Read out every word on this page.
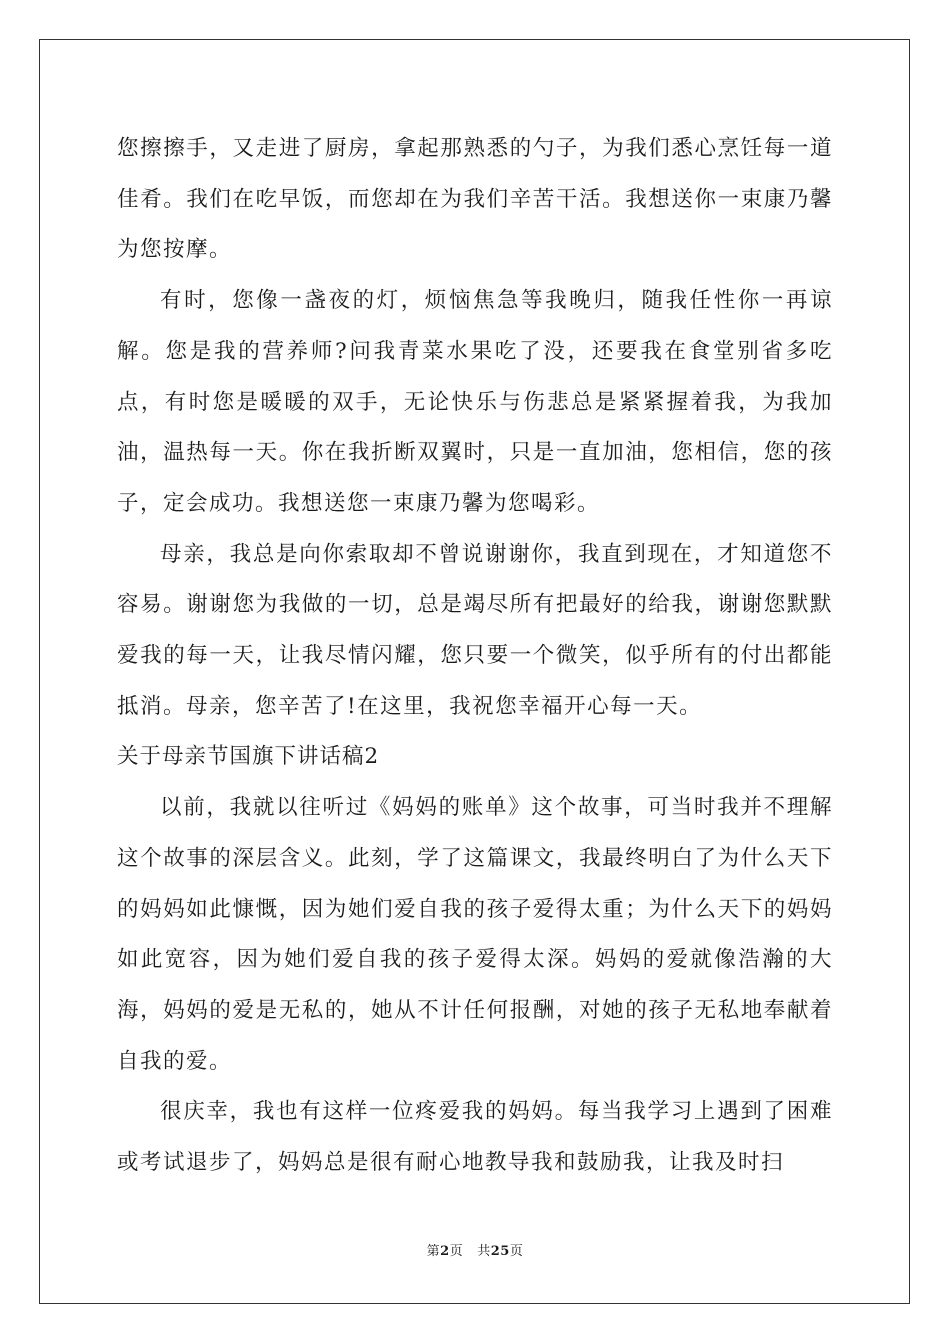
您擦擦手，又走进了厨房，拿起那熟悉的勺子，为我们悉心烹饪每一道佳肴。我们在吃早饭，而您却在为我们辛苦干活。我想送你一束康乃馨为您按摩。

有时，您像一盏夜的灯，烦恼焦急等我晚归，随我任性你一再谅解。您是我的营养师?问我青菜水果吃了没，还要我在食堂别省多吃点，有时您是暖暖的双手，无论快乐与伤悲总是紧紧握着我，为我加油，温热每一天。你在我折断双翼时，只是一直加油，您相信，您的孩子，定会成功。我想送您一束康乃馨为您喝彩。

母亲，我总是向你索取却不曾说谢谢你，我直到现在，才知道您不容易。谢谢您为我做的一切，总是竭尽所有把最好的给我，谢谢您默默爱我的每一天，让我尽情闪耀，您只要一个微笑，似乎所有的付出都能抵消。母亲，您辛苦了!在这里，我祝您幸福开心每一天。

关于母亲节国旗下讲话稿2

以前，我就以往听过《妈妈的账单》这个故事，可当时我并不理解这个故事的深层含义。此刻，学了这篇课文，我最终明白了为什么天下的妈妈如此慷慨，因为她们爱自我的孩子爱得太重；为什么天下的妈妈如此宽容，因为她们爱自我的孩子爱得太深。妈妈的爱就像浩瀚的大海，妈妈的爱是无私的，她从不计任何报酬，对她的孩子无私地奉献着自我的爱。

很庆幸，我也有这样一位疼爱我的妈妈。每当我学习上遇到了困难或考试退步了，妈妈总是很有耐心地教导我和鼓励我，让我及时扫

第2页 共25页
